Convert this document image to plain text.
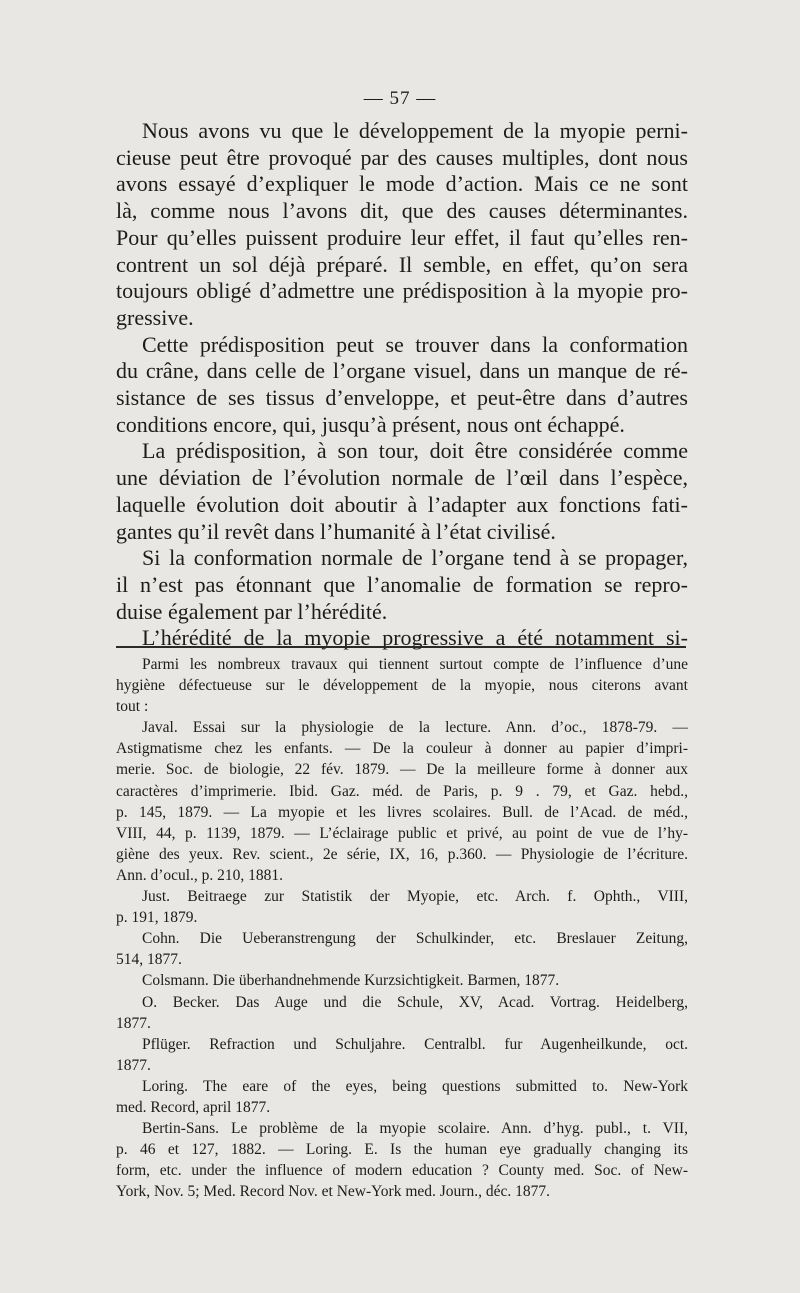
— 57 —
Nous avons vu que le développement de la myopie perni-
cieuse peut être provoqué par des causes multiples, dont nous
avons essayé d’expliquer le mode d’action. Mais ce ne sont
là, comme nous l’avons dit, que des causes déterminantes.
Pour qu’elles puissent produire leur effet, il faut qu’elles ren-
contrent un sol déjà préparé. Il semble, en effet, qu’on sera
toujours obligé d’admettre une prédisposition à la myopie pro-
gressive.
Cette prédisposition peut se trouver dans la conformation
du crâne, dans celle de l’organe visuel, dans un manque de ré-
sistance de ses tissus d’enveloppe, et peut-être dans d’autres
conditions encore, qui, jusqu’à présent, nous ont échappé.
La prédisposition, à son tour, doit être considérée comme
une déviation de l’évolution normale de l’œil dans l’espèce,
laquelle évolution doit aboutir à l’adapter aux fonctions fati-
gantes qu’il revêt dans l’humanité à l’état civilisé.
Si la conformation normale de l’organe tend à se propager,
il n’est pas étonnant que l’anomalie de formation se repro-
duise également par l’hérédité.
L’hérédité de la myopie progressive a été notamment si-
Parmi les nombreux travaux qui tiennent surtout compte de l’influence d’une
hygiène défectueuse sur le développement de la myopie, nous citerons avant
tout :
Javal. Essai sur la physiologie de la lecture. Ann. d’oc., 1878-79. —
Astigmatisme chez les enfants. — De la couleur à donner au papier d’impri-
merie. Soc. de biologie, 22 fév. 1879. — De la meilleure forme à donner aux
caractères d’imprimerie. Ibid. Gaz. méd. de Paris, p. 9 . 79, et Gaz. hebd.,
p. 145, 1879. — La myopie et les livres scolaires. Bull. de l’Acad. de méd.,
VIII, 44, p. 1139, 1879. — L’éclairage public et privé, au point de vue de l’hy-
giène des yeux. Rev. scient., 2e série, IX, 16, p.360. — Physiologie de l’écriture.
Ann. d’ocul., p. 210, 1881.
Just. Beitraege zur Statistik der Myopie, etc. Arch. f. Ophth., VIII,
p. 191, 1879.
Cohn. Die Ueberanstrengung der Schulkinder, etc. Breslauer Zeitung,
514, 1877.
Colsmann. Die überhandnehmende Kurzsichtigkeit. Barmen, 1877.
O. Becker. Das Auge und die Schule, XV, Acad. Vortrag. Heidelberg,
1877.
Pflüger. Refraction und Schuljahre. Centralbl. fur Augenheilkunde, oct.
1877.
Loring. The eare of the eyes, being questions submitted to. New-York
med. Record, april 1877.
Bertin-Sans. Le problème de la myopie scolaire. Ann. d’hyg. publ., t. VII,
p. 46 et 127, 1882. — Loring. E. Is the human eye gradually changing its
form, etc. under the influence of modern education ? County med. Soc. of New-
York, Nov. 5; Med. Record Nov. et New-York med. Journ., déc. 1877.
